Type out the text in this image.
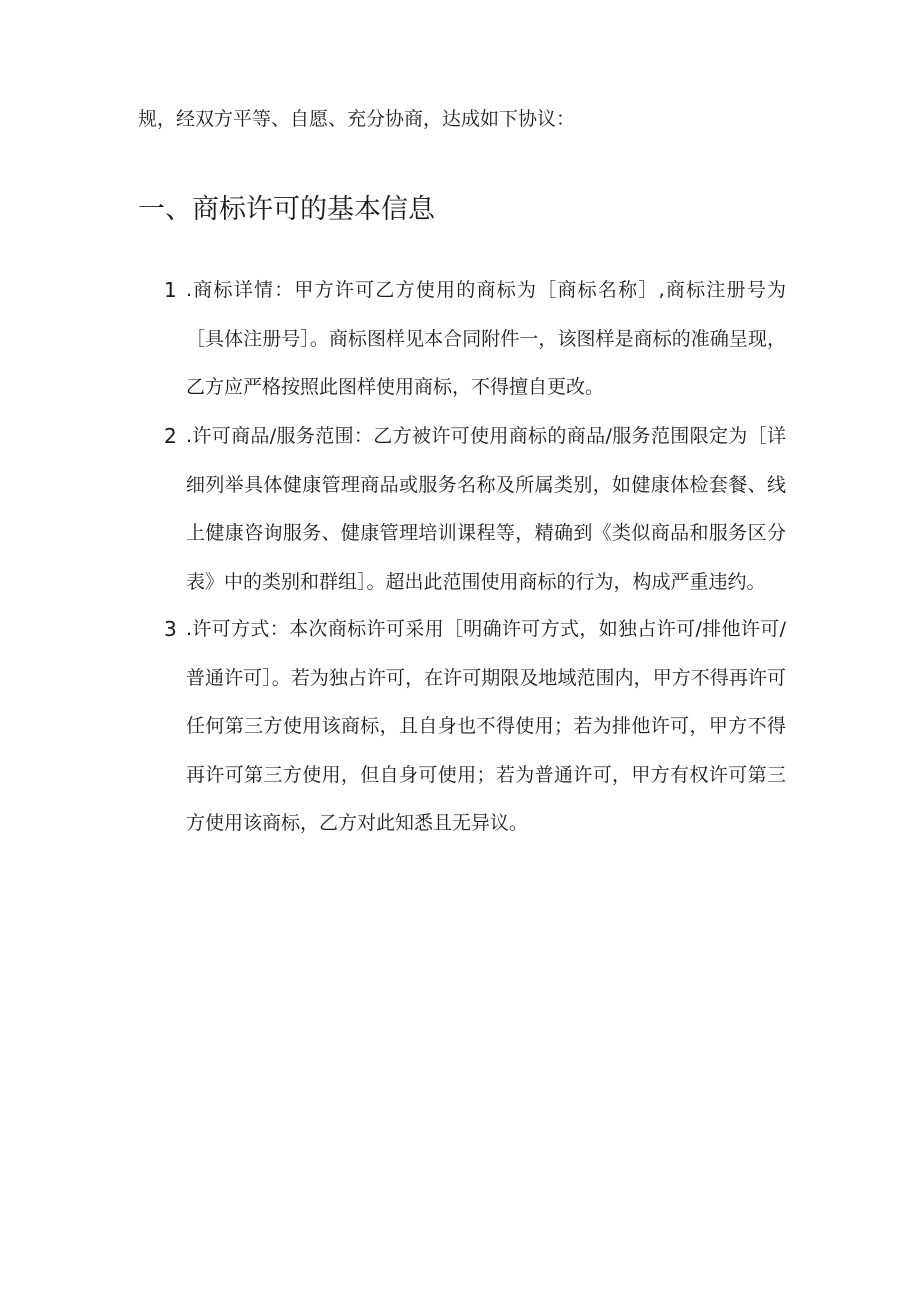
规，经双方平等、自愿、充分协商，达成如下协议：
一、商标许可的基本信息
1 .商标详情：甲方许可乙方使用的商标为［商标名称］,商标注册号为［具体注册号］。商标图样见本合同附件一，该图样是商标的准确呈现，乙方应严格按照此图样使用商标，不得擅自更改。
2 .许可商品/服务范围：乙方被许可使用商标的商品/服务范围限定为［详细列举具体健康管理商品或服务名称及所属类别，如健康体检套餐、线上健康咨询服务、健康管理培训课程等，精确到《类似商品和服务区分表》中的类别和群组］。超出此范围使用商标的行为，构成严重违约。
3 .许可方式：本次商标许可采用［明确许可方式，如独占许可/排他许可/普通许可］。若为独占许可，在许可期限及地域范围内，甲方不得再许可任何第三方使用该商标，且自身也不得使用；若为排他许可，甲方不得再许可第三方使用，但自身可使用；若为普通许可，甲方有权许可第三方使用该商标，乙方对此知悉且无异议。
